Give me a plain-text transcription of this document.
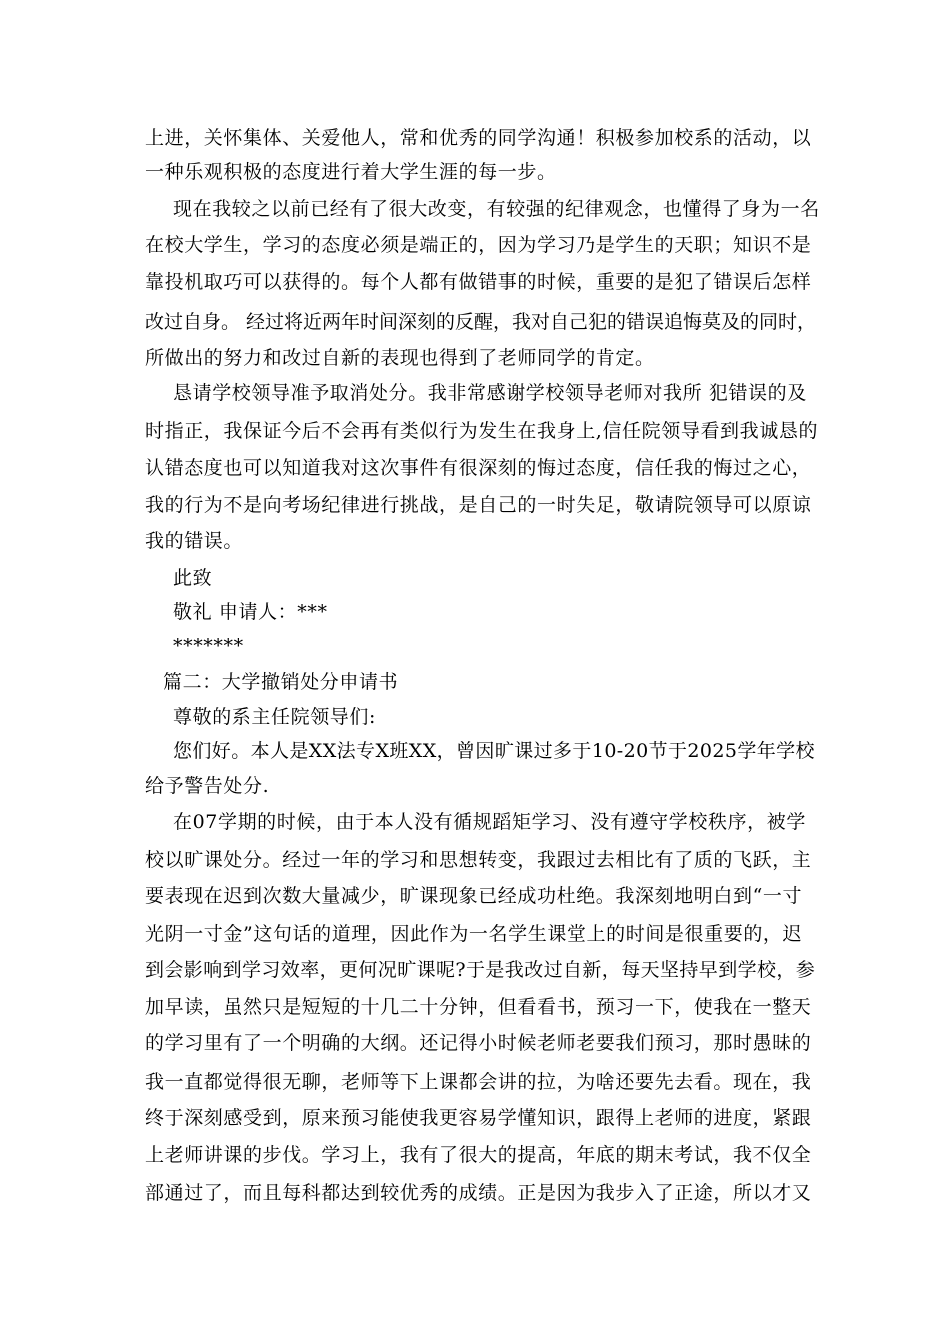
上进，关怀集体、关爱他人，常和优秀的同学沟通！积极参加校系的活动，以
一种乐观积极的态度进行着大学生涯的每一步。
现在我较之以前已经有了很大改变，有较强的纪律观念，也懂得了身为一名
在校大学生，学习的态度必须是端正的，因为学习乃是学生的天职；知识不是
靠投机取巧可以获得的。每个人都有做错事的时候，重要的是犯了错误后怎样
改过自身。 经过将近两年时间深刻的反醒，我对自己犯的错误追悔莫及的同时，
所做出的努力和改过自新的表现也得到了老师同学的肯定。
恳请学校领导准予取消处分。我非常感谢学校领导老师对我所 犯错误的及
时指正，我保证今后不会再有类似行为发生在我身上,信任院领导看到我诚恳的
认错态度也可以知道我对这次事件有很深刻的悔过态度，信任我的悔过之心，
我的行为不是向考场纪律进行挑战，是自己的一时失足，敬请院领导可以原谅
我的错误。
此致
敬礼 申请人：***
*******
篇二：大学撤销处分申请书
尊敬的系主任院领导们:
您们好。本人是XX法专X班XX，曾因旷课过多于10-20节于2025学年学校
给予警告处分.
在07学期的时候，由于本人没有循规蹈矩学习、没有遵守学校秩序，被学
校以旷课处分。经过一年的学习和思想转变，我跟过去相比有了质的飞跃，主
要表现在迟到次数大量减少，旷课现象已经成功杜绝。我深刻地明白到“一寸
光阴一寸金”这句话的道理，因此作为一名学生课堂上的时间是很重要的，迟
到会影响到学习效率，更何况旷课呢?于是我改过自新，每天坚持早到学校，参
加早读，虽然只是短短的十几二十分钟，但看看书，预习一下，使我在一整天
的学习里有了一个明确的大纲。还记得小时候老师老要我们预习，那时愚昧的
我一直都觉得很无聊，老师等下上课都会讲的拉，为啥还要先去看。现在，我
终于深刻感受到，原来预习能使我更容易学懂知识，跟得上老师的进度，紧跟
上老师讲课的步伐。学习上，我有了很大的提高，年底的期末考试，我不仅全
部通过了，而且每科都达到较优秀的成绩。正是因为我步入了正途，所以才又
